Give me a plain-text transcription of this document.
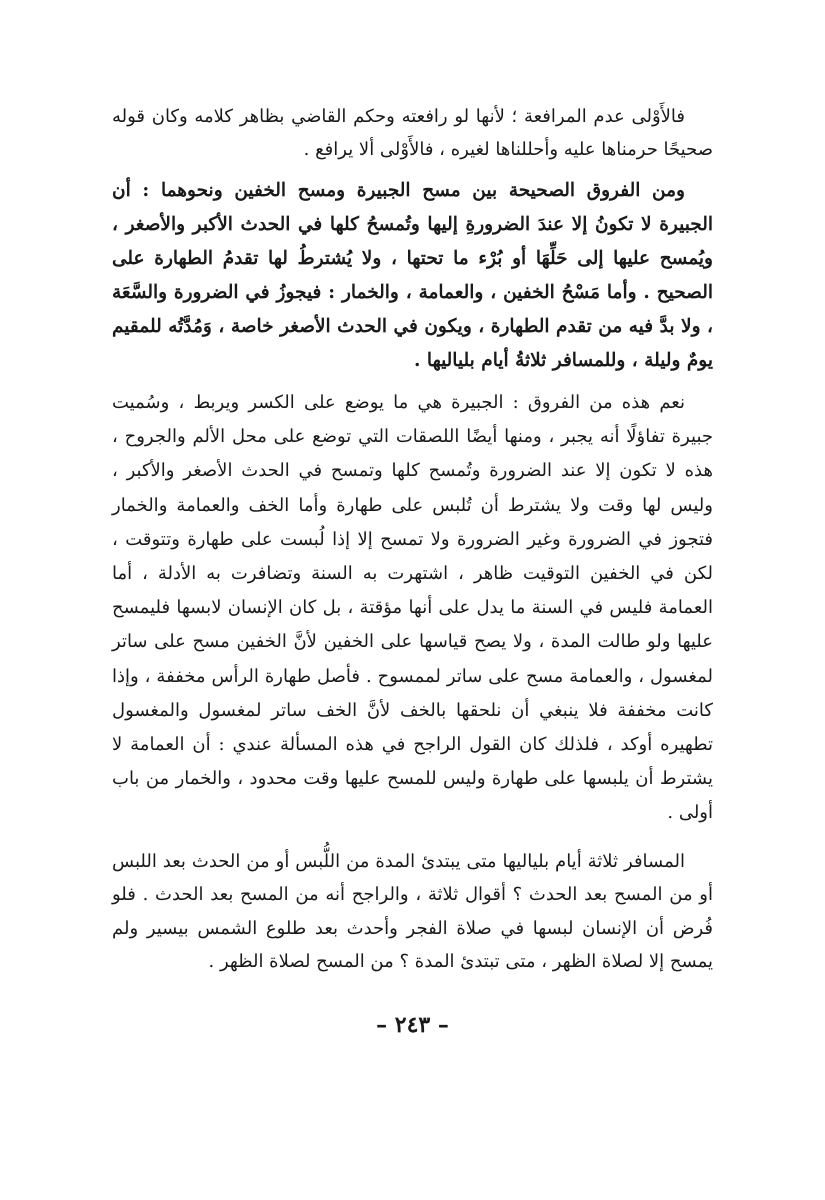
فالأَوْلى عدم المرافعة ؛ لأنها لو رافعته وحكم القاضي بظاهر كلامه وكان قوله صحيحًا حرمناها عليه وأحللناها لغيره ، فالأَوْلى ألا يرافع .

ومن الفروق الصحيحة بين مسح الجبيرة ومسح الخفين ونحوهما : أن الجبيرة لا تكونُ إلا عندَ الضرورةِ إليها وتُمسحُ كلها في الحدث الأكبر والأصغر ، ويُمسح عليها إلى حَلِّهَا أو بُرْء ما تحتها ، ولا يُشترطُ لها تقدمُ الطهارة على الصحيح . وأما مَسْحُ الخفين ، والعمامة ، والخمار : فيجوزُ في الضرورة والسَّعَة ، ولا بدَّ فيه من تقدم الطهارة ، ويكون في الحدث الأصغر خاصة ، وَمُدَّتُه للمقيم يومٌ وليلة ، وللمسافر ثلاثةُ أيام بلياليها .

نعم هذه من الفروق : الجبيرة هي ما يوضع على الكسر ويربط ، وسُميت جبيرة تفاؤلًا أنه يجبر ، ومنها أيضًا اللصقات التي توضع على محل الألم والجروح ، هذه لا تكون إلا عند الضرورة وتُمسح كلها وتمسح في الحدث الأصغر والأكبر ، وليس لها وقت ولا يشترط أن تُلبس على طهارة وأما الخف والعمامة والخمار فتجوز في الضرورة وغير الضرورة ولا تمسح إلا إذا لُبست على طهارة وتتوقت ، لكن في الخفين التوقيت ظاهر ، اشتهرت به السنة وتضافرت به الأدلة ، أما العمامة فليس في السنة ما يدل على أنها مؤقتة ، بل كان الإنسان لابسها فليمسح عليها ولو طالت المدة ، ولا يصح قياسها على الخفين لأنَّ الخفين مسح على ساتر لمغسول ، والعمامة مسح على ساتر لممسوح . فأصل طهارة الرأس مخففة ، وإذا كانت مخففة فلا ينبغي أن نلحقها بالخف لأنَّ الخف ساتر لمغسول والمغسول تطهيره أوكد ، فلذلك كان القول الراجح في هذه المسألة عندي : أن العمامة لا يشترط أن يلبسها على طهارة وليس للمسح عليها وقت محدود ، والخمار من باب أولى .

المسافر ثلاثة أيام بلياليها متى يبتدئ المدة من اللُّبس أو من الحدث بعد اللبس أو من المسح بعد الحدث ؟ أقوال ثلاثة ، والراجح أنه من المسح بعد الحدث . فلو فُرض أن الإنسان لبسها في صلاة الفجر وأحدث بعد طلوع الشمس بيسير ولم يمسح إلا لصلاة الظهر ، متى تبتدئ المدة ؟ من المسح لصلاة الظهر .

– ٢٤٣ –
